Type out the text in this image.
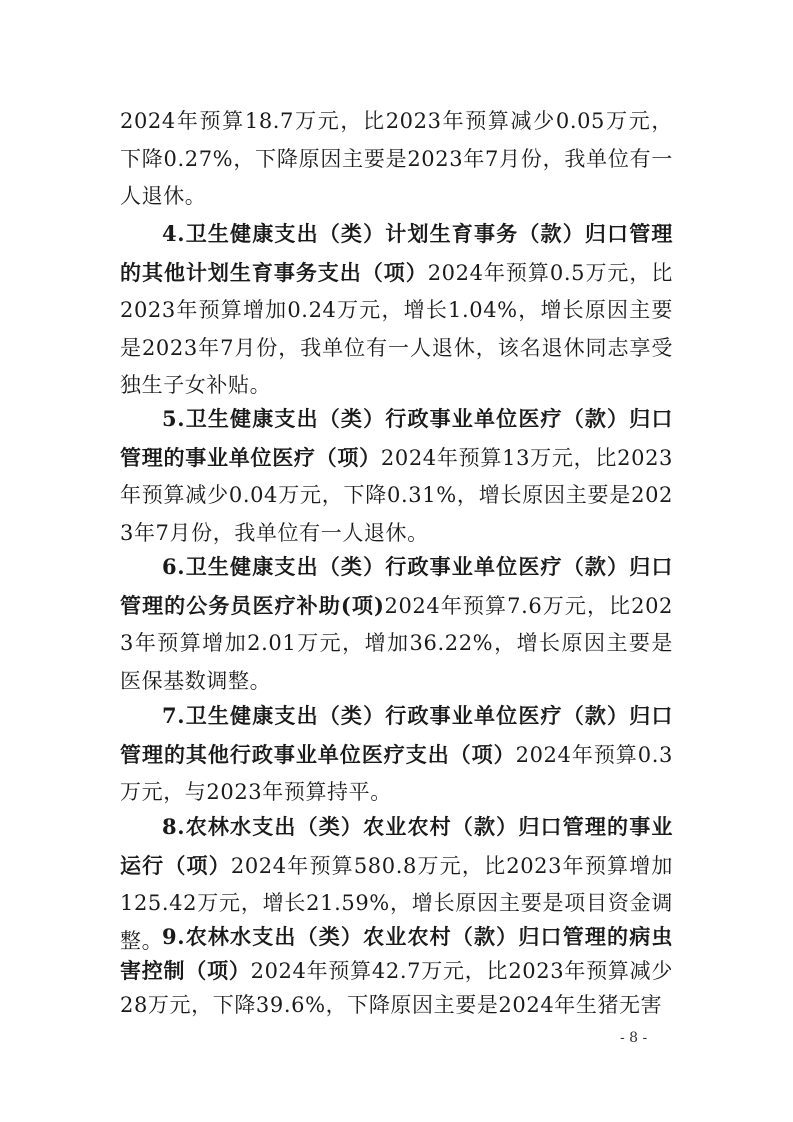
2024年预算18.7万元，比2023年预算减少0.05万元，下降0.27%，下降原因主要是2023年7月份，我单位有一人退休。

4.卫生健康支出（类）计划生育事务（款）归口管理的其他计划生育事务支出（项）2024年预算0.5万元，比2023年预算增加0.24万元，增长1.04%，增长原因主要是2023年7月份，我单位有一人退休，该名退休同志享受独生子女补贴。

5.卫生健康支出（类）行政事业单位医疗（款）归口管理的事业单位医疗（项）2024年预算13万元，比2023年预算减少0.04万元，下降0.31%，增长原因主要是2023年7月份，我单位有一人退休。

6.卫生健康支出（类）行政事业单位医疗（款）归口管理的公务员医疗补助(项)2024年预算7.6万元，比2023年预算增加2.01万元，增加36.22%，增长原因主要是医保基数调整。

7.卫生健康支出（类）行政事业单位医疗（款）归口管理的其他行政事业单位医疗支出（项）2024年预算0.3万元，与2023年预算持平。

8.农林水支出（类）农业农村（款）归口管理的事业运行（项）2024年预算580.8万元，比2023年预算增加125.42万元，增长21.59%，增长原因主要是项目资金调整。

9.农林水支出（类）农业农村（款）归口管理的病虫害控制（项）2024年预算42.7万元，比2023年预算减少28万元，下降39.6%，下降原因主要是2024年生猪无害

- 8 -
